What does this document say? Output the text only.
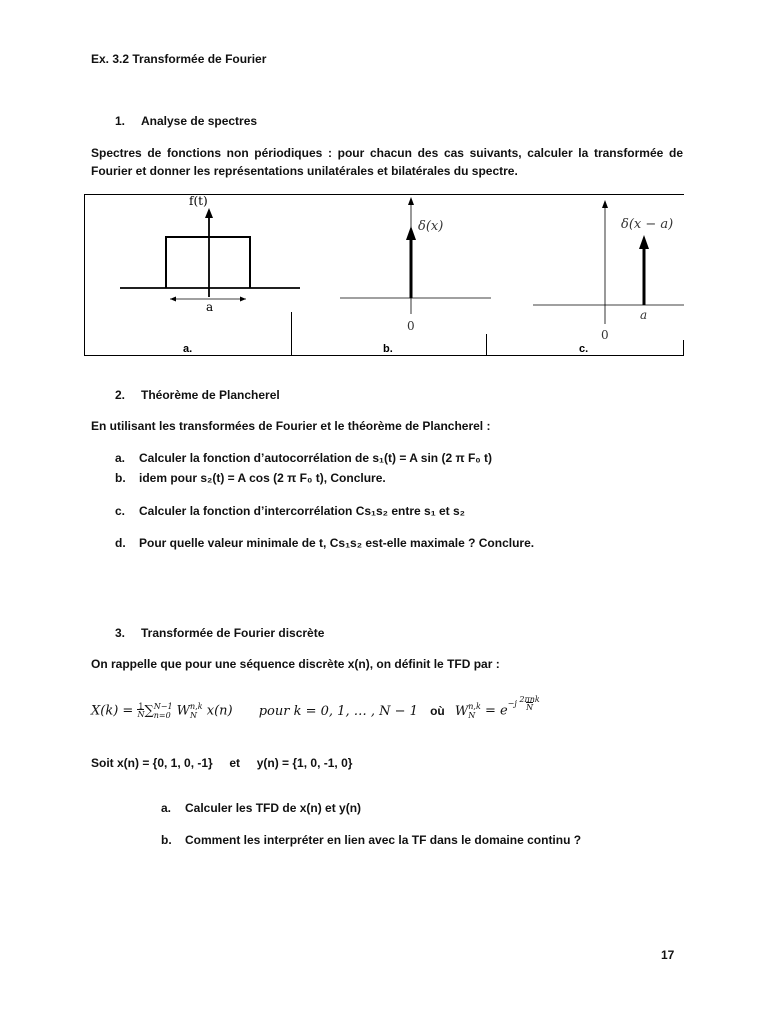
Ex. 3.2 Transformée de Fourier
1. Analyse de spectres
Spectres de fonctions non périodiques : pour chacun des cas suivants, calculer la transformée de Fourier et donner les représentations unilatérales et bilatérales du spectre.
f(t)
a
a.
δ(x)
0
b.
δ(x − a)
0
a
c.
2. Théorème de Plancherel
En utilisant les transformées de Fourier et le théorème de Plancherel :
a. Calculer la fonction d’autocorrélation de s₁(t) = A sin (2 π F₀ t)
b. idem pour s₂(t) = A cos (2 π F₀ t), Conclure.
c. Calculer la fonction d’intercorrélation Cs₁s₂ entre s₁ et s₂
d. Pour quelle valeur minimale de t, Cs₁s₂ est-elle maximale ? Conclure.
3. Transformée de Fourier discrète
On rappelle que pour une séquence discrète x(n), on définit le TFD par :
X(k) = 1
N∑N−1
n=0 Wn,k
N x(n) pour k = 0, 1, … , N − 1 où Wn,k
N = e−j 2πnk
N
Soit x(n) = {0, 1, 0, -1}     et     y(n) = {1, 0, -1, 0}
a. Calculer les TFD de x(n) et y(n)
b. Comment les interpréter en lien avec la TF dans le domaine continu ?
17
